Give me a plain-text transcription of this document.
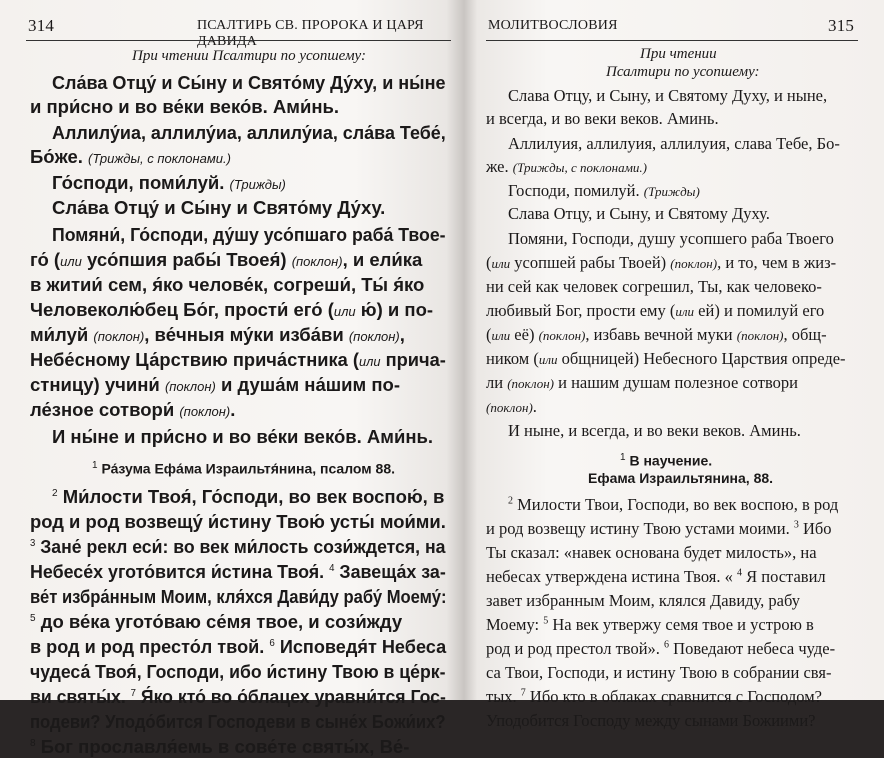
314	ПСАЛТИРЬ СВ. ПРОРОКА И ЦАРЯ ДАВИДА
При чтении Псалтири по усопшему:
Сла́ва Отцу́ и Сы́ну и Свято́му Ду́ху, и ны́не
и при́сно и во ве́ки веко́в. Ами́нь.
Аллилу́иа, аллилу́иа, аллилу́иа, сла́ва Тебе́,
Бо́же. (Трижды, с поклонами.)
Го́споди, поми́луй. (Трижды)
Сла́ва Отцу́ и Сы́ну и Свято́му Ду́ху.
Помяни́, Го́споди, ду́шу усо́пшаго раба́ Твое-
го́ (или усо́пшия рабы́ Твоея́) (поклон), и ели́ка
в житии́ сем, я́ко челове́к, согреши́, Ты́ я́ко
Человеколю́бец Бо́г, прости́ его́ (или ю́) и по-
ми́луй (поклон), ве́чныя му́ки изба́ви (поклон),
Небе́сному Ца́рствию прича́стника (или прича-
стницу) учини́ (поклон) и душа́м на́шим по-
ле́зное сотвори́ (поклон).
И ны́не и при́сно и во ве́ки веко́в. Ами́нь.
$^1$ Ра́зума Ефа́ма Израильтя́нина, псалом 88.
$^2$ Ми́лости Твоя́, Го́споди, во век воспою́, в
род и род возвещу́ и́стину Твою́ усты́ мои́ми.
$^3$ Зане́ рекл еси́: во век ми́лость сози́ждется, на
Небесе́х угото́вится и́стина Твоя́. $^4$ Завеща́х за-
ве́т избра́нным Моим, кля́хся Дави́ду рабу́ Моему́:
$^5$ до ве́ка угото́ваю се́мя твое, и сози́жду
в род и род престо́л твой. $^6$ Исповедя́т Небеса
чудеса́ Твоя́, Господи, ибо и́стину Твою в це́рк-
ви святы́х. $^7$ Я́ко кто́ во о́блацех уравни́тся Гос-
подеви? Уподо́бится Господеви в сыне́х Божи́их?
$^8$ Бог прославля́емь в сове́те святы́х, Ве́-
МОЛИТВОСЛОВИЯ	315
При чтении
Псалтири по усопшему:
Слава Отцу, и Сыну, и Святому Духу, и ныне,
и всегда, и во веки веков. Аминь.
Аллилуия, аллилуия, аллилуия, слава Тебе, Бо-
же. (Трижды, с поклонами.)
Господи, помилуй. (Трижды)
Слава Отцу, и Сыну, и Святому Духу.
Помяни, Господи, душу усопшего раба Твоего
(или усопшей рабы Твоей) (поклон), и то, чем в жиз-
ни сей как человек согрешил, Ты, как человеко-
любивый Бог, прости ему (или ей) и помилуй его
(или её) (поклон), избавь вечной муки (поклон), общ-
ником (или общницей) Небесного Царствия опреде-
ли (поклон) и нашим душам полезное сотвори
(поклон).
И ныне, и всегда, и во веки веков. Аминь.
$^1$ В научение.
Ефама Израильтянина, 88.
$^2$ Милости Твои, Господи, во век воспою, в род
и род возвещу истину Твою устами моими. $^3$ Ибо
Ты сказал: «навек основана будет милость», на
небесах утверждена истина Твоя. « $^4$ Я поставил
завет избранным Моим, клялся Давиду, рабу
Моему: $^5$ На век утвержу семя твое и устрою в
род и род престол твой». $^6$ Поведают небеса чуде-
са Твои, Господи, и истину Твою в собрании свя-
тых. $^7$ Ибо кто в облаках сравнится с Господом?
Уподобится Господу между сынами Божиими?
